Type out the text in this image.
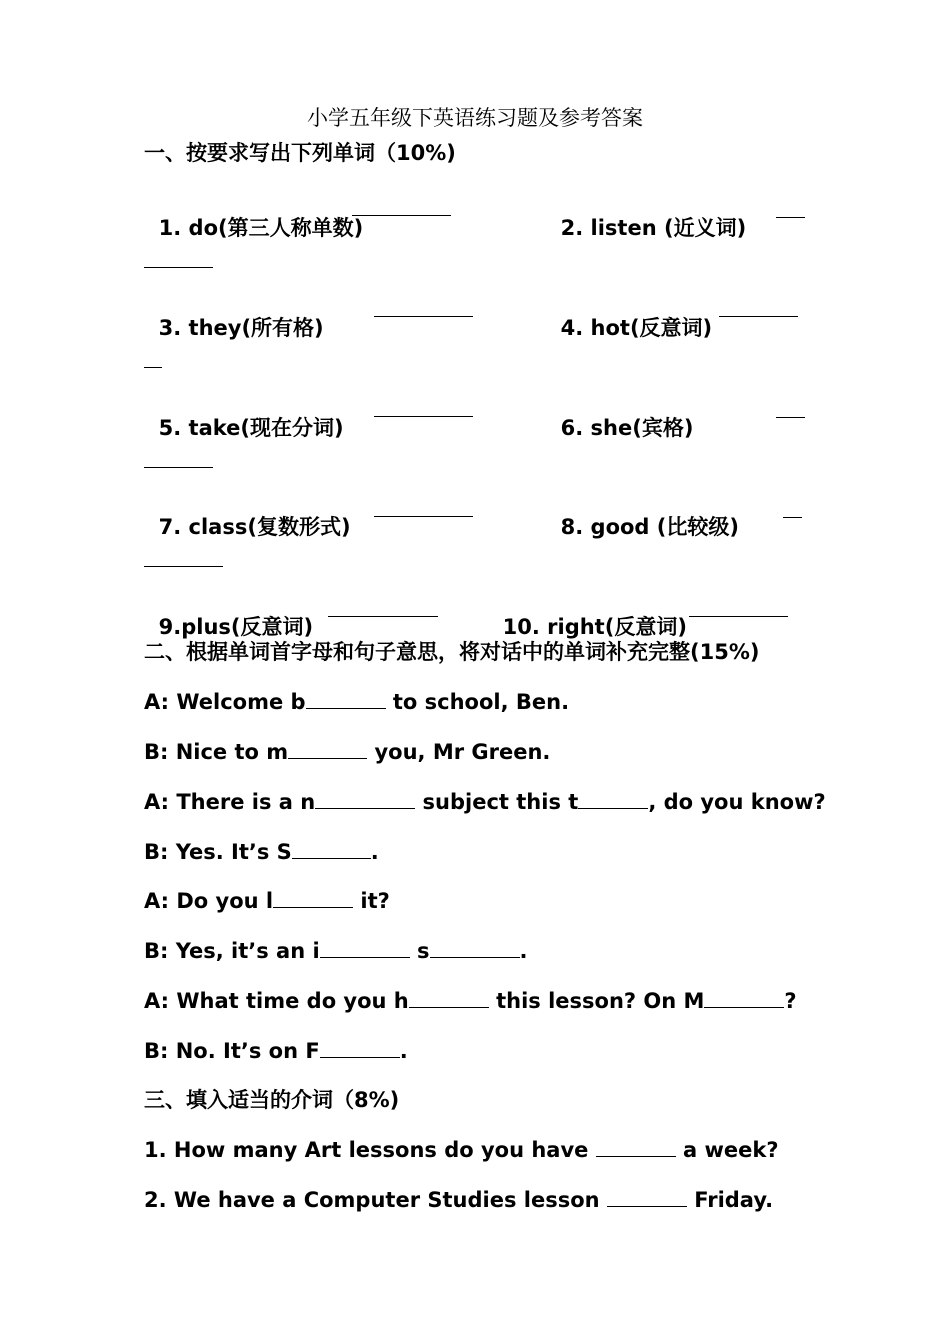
小学五年级下英语练习题及参考答案
一、按要求写出下列单词（10%)

1. do(第三人称单数)	2. listen (近义词)

3. they(所有格)	4. hot(反意词)

5. take(现在分词)	6. she(宾格)

7. class(复数形式)	8. good (比较级)

9.plus(反意词)	10. right(反意词)

二、根据单词首字母和句子意思，将对话中的单词补充完整(15%)
A: Welcome b	to school, Ben.
B: Nice to m	you, Mr Green.
A: There is a n	subject this t	, do you know?
B: Yes. It’s S	.
A: Do you l	it?
B: Yes, it’s an i	s	.
A: What time do you h	this lesson? On M	?
B: No. It’s on F	.
三、填入适当的介词（8%)
1. How many Art lessons do you have	a week?
2. We have a Computer Studies lesson	Friday.
